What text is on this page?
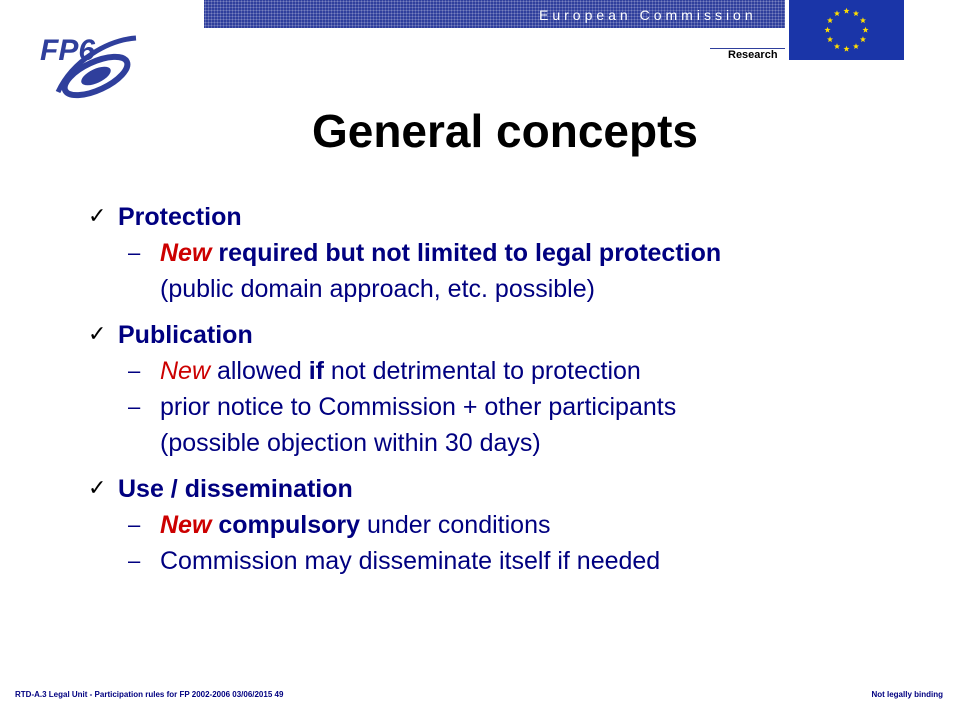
European Commission
Research
FP6
General concepts
✓ Protection
– New required but not limited to legal protection
(public domain approach, etc. possible)
✓ Publication
– New allowed if not detrimental to protection
– prior notice to Commission + other participants
(possible objection within 30 days)
✓ Use / dissemination
– New compulsory under conditions
– Commission may disseminate itself if needed
RTD-A.3 Legal Unit - Participation rules for FP 2002-2006 03/06/2015 49	Not legally binding
